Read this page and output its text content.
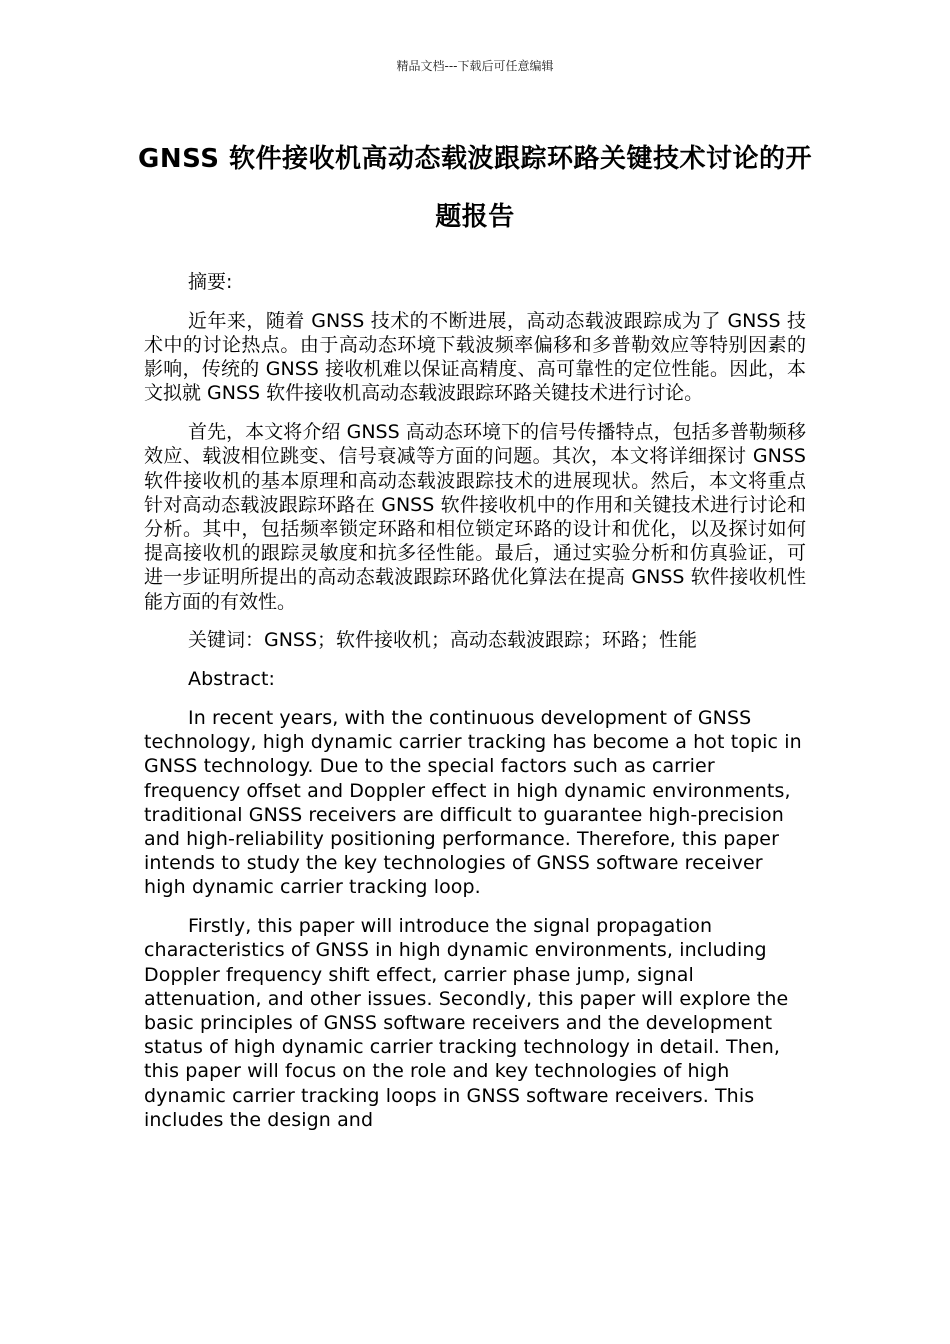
精品文档---下载后可任意编辑
GNSS 软件接收机高动态载波跟踪环路关键技术讨论的开题报告

摘要:

近年来，随着 GNSS 技术的不断进展，高动态载波跟踪成为了 GNSS 技术中的讨论热点。由于高动态环境下载波频率偏移和多普勒效应等特别因素的影响，传统的 GNSS 接收机难以保证高精度、高可靠性的定位性能。因此，本文拟就 GNSS 软件接收机高动态载波跟踪环路关键技术进行讨论。

首先，本文将介绍 GNSS 高动态环境下的信号传播特点，包括多普勒频移效应、载波相位跳变、信号衰减等方面的问题。其次，本文将详细探讨 GNSS 软件接收机的基本原理和高动态载波跟踪技术的进展现状。然后，本文将重点针对高动态载波跟踪环路在 GNSS 软件接收机中的作用和关键技术进行讨论和分析。其中，包括频率锁定环路和相位锁定环路的设计和优化，以及探讨如何提高接收机的跟踪灵敏度和抗多径性能。最后，通过实验分析和仿真验证，可进一步证明所提出的高动态载波跟踪环路优化算法在提高 GNSS 软件接收机性能方面的有效性。

关键词：GNSS；软件接收机；高动态载波跟踪；环路；性能

Abstract:

In recent years, with the continuous development of GNSS technology, high dynamic carrier tracking has become a hot topic in GNSS technology. Due to the special factors such as carrier frequency offset and Doppler effect in high dynamic environments, traditional GNSS receivers are difficult to guarantee high-precision and high-reliability positioning performance. Therefore, this paper intends to study the key technologies of GNSS software receiver high dynamic carrier tracking loop.

Firstly, this paper will introduce the signal propagation characteristics of GNSS in high dynamic environments, including Doppler frequency shift effect, carrier phase jump, signal attenuation, and other issues. Secondly, this paper will explore the basic principles of GNSS software receivers and the development status of high dynamic carrier tracking technology in detail. Then, this paper will focus on the role and key technologies of high dynamic carrier tracking loops in GNSS software receivers. This includes the design and
